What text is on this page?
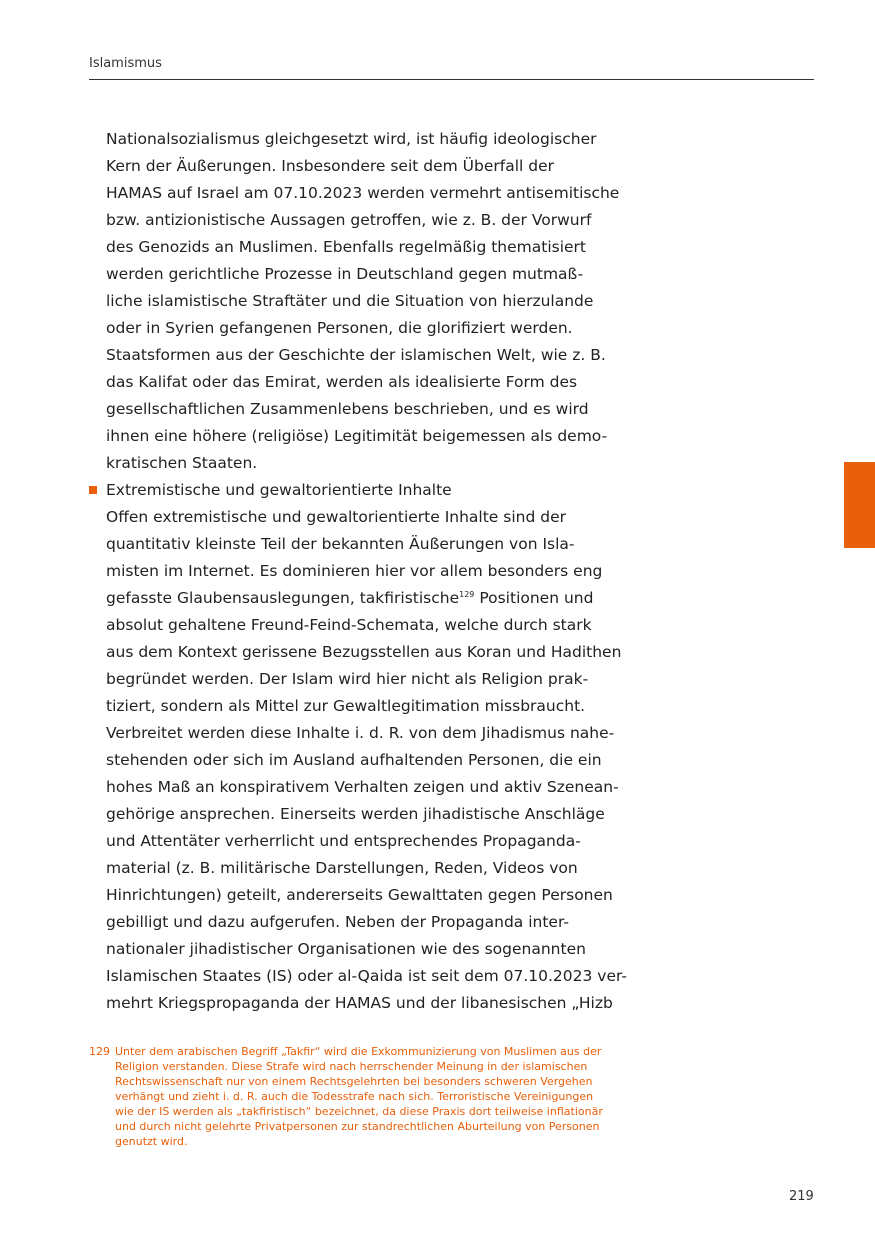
Islamismus
Nationalsozialismus gleichgesetzt wird, ist häufig ideologischer
Kern der Äußerungen. Insbesondere seit dem Überfall der
HAMAS auf Israel am 07.10.2023 werden vermehrt antisemitische
bzw. antizionistische Aussagen getroffen, wie z. B. der Vorwurf
des Genozids an Muslimen. Ebenfalls regelmäßig thematisiert
werden gerichtliche Prozesse in Deutschland gegen mutmaß-
liche islamistische Straftäter und die Situation von hierzulande
oder in Syrien gefangenen Personen, die glorifiziert werden.
Staatsformen aus der Geschichte der islamischen Welt, wie z. B.
das Kalifat oder das Emirat, werden als idealisierte Form des
gesellschaftlichen Zusammenlebens beschrieben, und es wird
ihnen eine höhere (religiöse) Legitimität beigemessen als demo-
kratischen Staaten.
Extremistische und gewaltorientierte Inhalte
Offen extremistische und gewaltorientierte Inhalte sind der
quantitativ kleinste Teil der bekannten Äußerungen von Isla-
misten im Internet. Es dominieren hier vor allem besonders eng
gefasste Glaubensauslegungen, takfiristische$^{129}$ Positionen und
absolut gehaltene Freund-Feind-Schemata, welche durch stark
aus dem Kontext gerissene Bezugsstellen aus Koran und Hadithen
begründet werden. Der Islam wird hier nicht als Religion prak-
tiziert, sondern als Mittel zur Gewaltlegitimation missbraucht.
Verbreitet werden diese Inhalte i. d. R. von dem Jihadismus nahe-
stehenden oder sich im Ausland aufhaltenden Personen, die ein
hohes Maß an konspirativem Verhalten zeigen und aktiv Szenean-
gehörige ansprechen. Einerseits werden jihadistische Anschläge
und Attentäter verherrlicht und entsprechendes Propaganda-
material (z. B. militärische Darstellungen, Reden, Videos von
Hinrichtungen) geteilt, andererseits Gewalttaten gegen Personen
gebilligt und dazu aufgerufen. Neben der Propaganda inter-
nationaler jihadistischer Organisationen wie des sogenannten
Islamischen Staates (IS) oder al-Qaida ist seit dem 07.10.2023 ver-
mehrt Kriegspropaganda der HAMAS und der libanesischen „Hizb
129 Unter dem arabischen Begriff „Takfir“ wird die Exkommunizierung von Muslimen aus der
Religion verstanden. Diese Strafe wird nach herrschender Meinung in der islamischen
Rechtswissenschaft nur von einem Rechtsgelehrten bei besonders schweren Vergehen
verhängt und zieht i. d. R. auch die Todesstrafe nach sich. Terroristische Vereinigungen
wie der IS werden als „takfiristisch“ bezeichnet, da diese Praxis dort teilweise inflationär
und durch nicht gelehrte Privatpersonen zur standrechtlichen Aburteilung von Personen
genutzt wird.
219
